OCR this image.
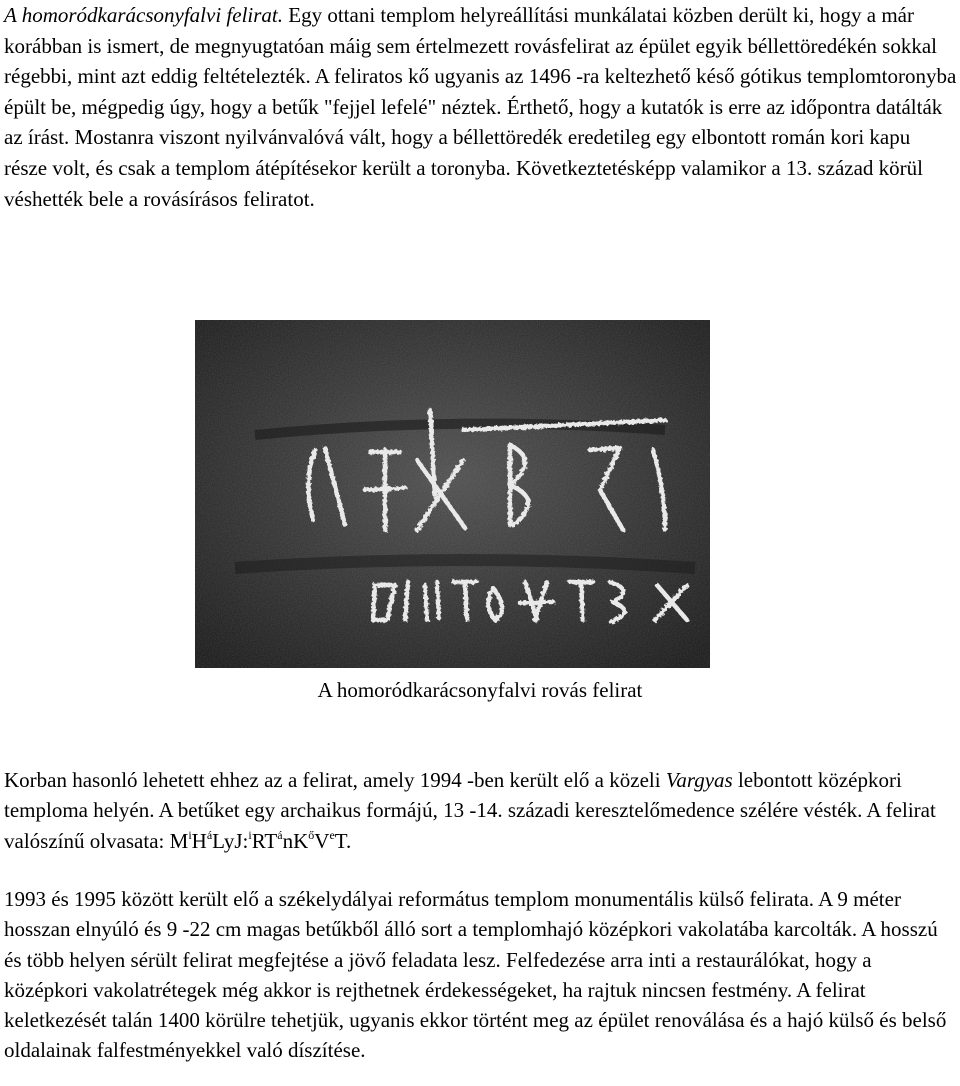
A homoródkarácsonyfalvi felirat. Egy ottani templom helyreállítási munkálatai közben derült ki, hogy a már korábban is ismert, de megnyugtatóan máig sem értelmezett rovásfelirat az épület egyik béllettöredékén sokkal régebbi, mint azt eddig feltételezték. A feliratos kő ugyanis az 1496 -ra keltezhető késő gótikus templomtoronyba épült be, mégpedig úgy, hogy a betűk "fejjel lefelé" néztek. Érthető, hogy a kutatók is erre az időpontra datálták az írást. Mostanra viszont nyilvánvalóvá vált, hogy a béllettöredék eredetileg egy elbontott román kori kapu része volt, és csak a templom átépítésekor került a toronyba. Következtetésképp valamikor a 13. század körül véshették bele a rovásírásos feliratot.

A homoródkarácsonyfalvi rovás felirat

Korban hasonló lehetett ehhez az a felirat, amely 1994 -ben került elő a közeli Vargyas lebontott középkori temploma helyén. A betűket egy archaikus formájú, 13 -14. századi keresztelőmedence szélére vésték. A felirat valószínű olvasata: $M^iH^áLyJ:^iRT^ánK^őVeT$.

1993 és 1995 között került elő a székelydályai református templom monumentális külső felirata. A 9 méter hosszan elnyúló és 9 -22 cm magas betűkből álló sort a templomhajó középkori vakolatába karcolták. A hosszú és több helyen sérült felirat megfejtése a jövő feladata lesz. Felfedezése arra inti a restaurálókat, hogy a középkori vakolatrétegek még akkor is rejthetnek érdekességeket, ha rajtuk nincsen festmény. A felirat keletkezését talán 1400 körülre tehetjük, ugyanis ekkor történt meg az épület renoválása és a hajó külső és belső oldalainak falfestményekkel való díszítése.
